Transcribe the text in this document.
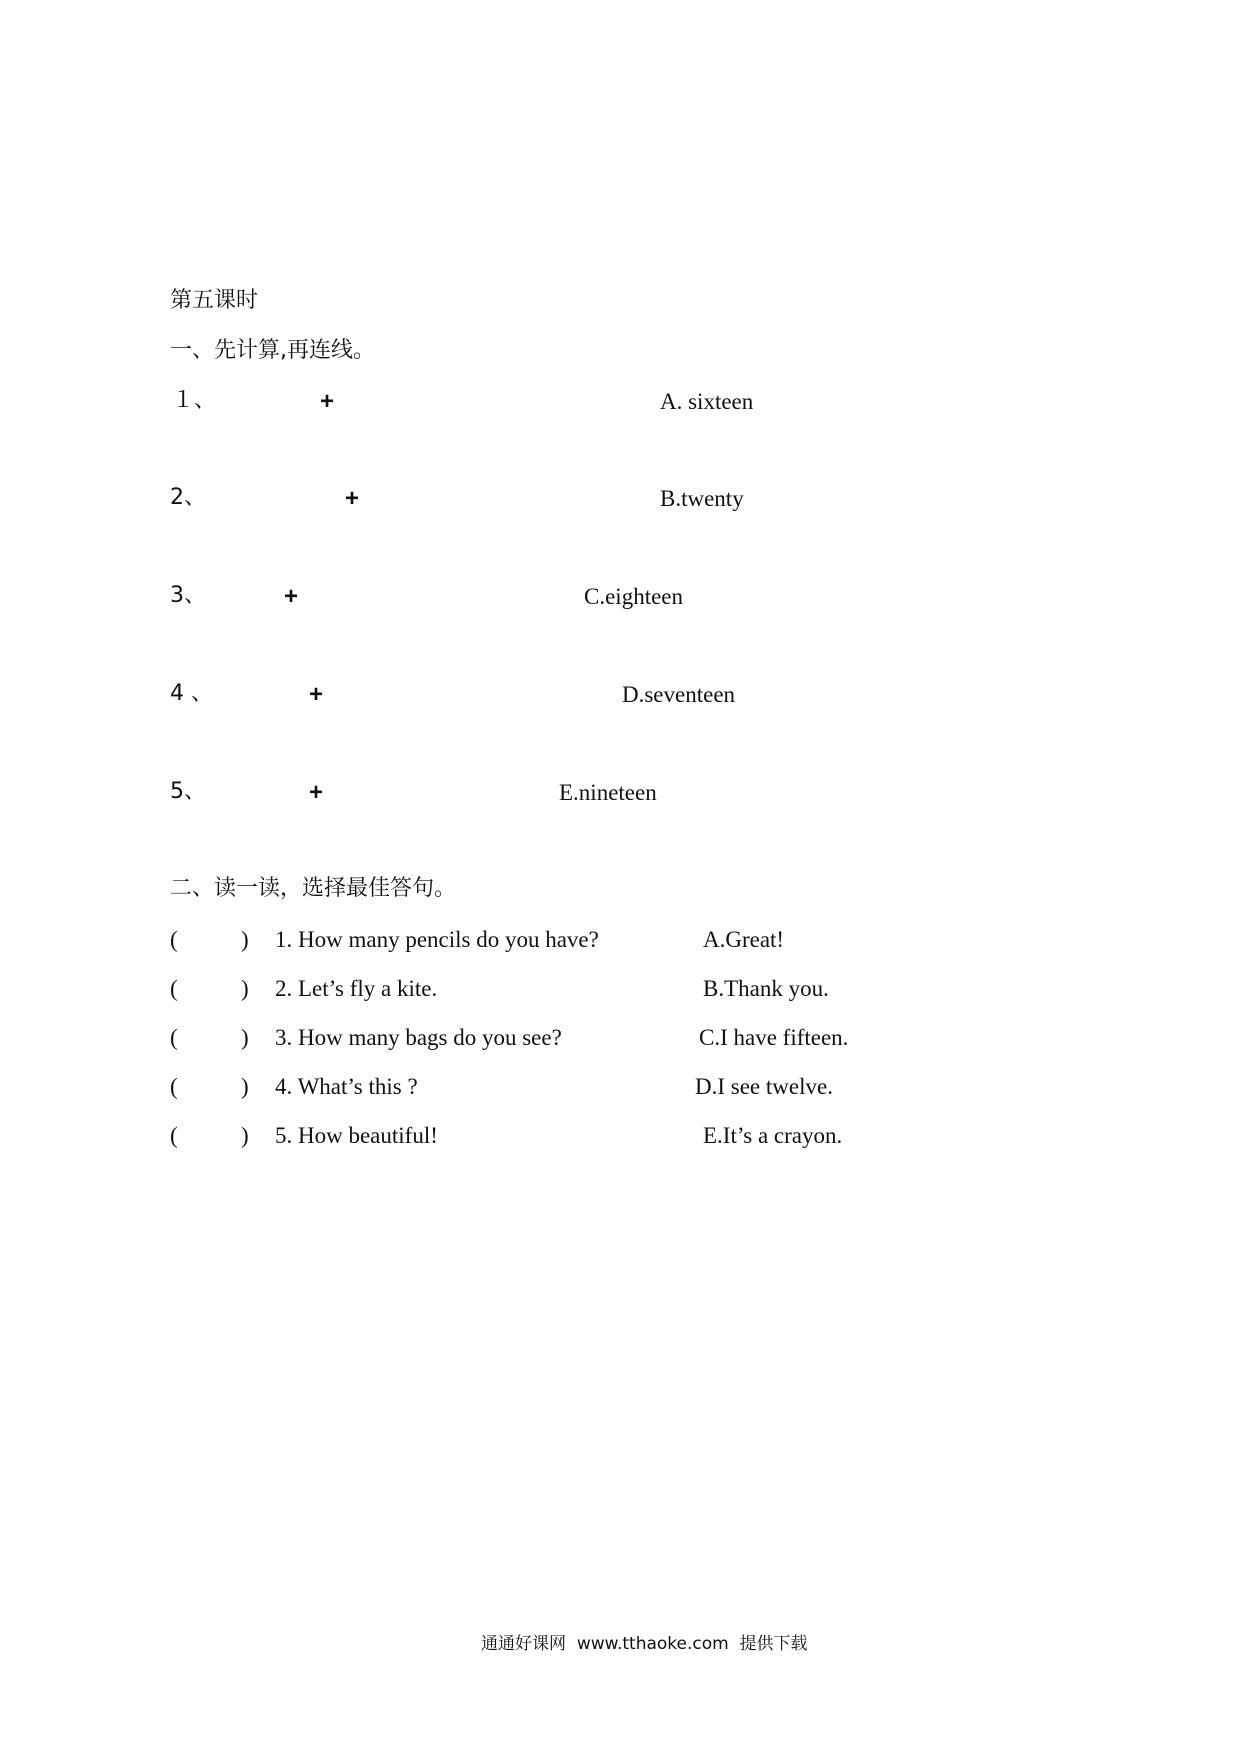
第五课时
一、先计算,再连线。
１、	+	A. sixteen
2、	+	B.twenty
3、	+	C.eighteen
4 、	+	D.seventeen
5、	+	E.nineteen
二、读一读，选择最佳答句。
(	) 1. How many pencils do you have?	A.Great!
(	) 2. Let’s fly a kite.	B.Thank you.
(	) 3. How many bags do you see?	C.I have fifteen.
(	) 4. What’s this ?	D.I see twelve.
(	) 5. How beautiful!	E.It’s a crayon.
通通好课网 www.tthaoke.com 提供下载
